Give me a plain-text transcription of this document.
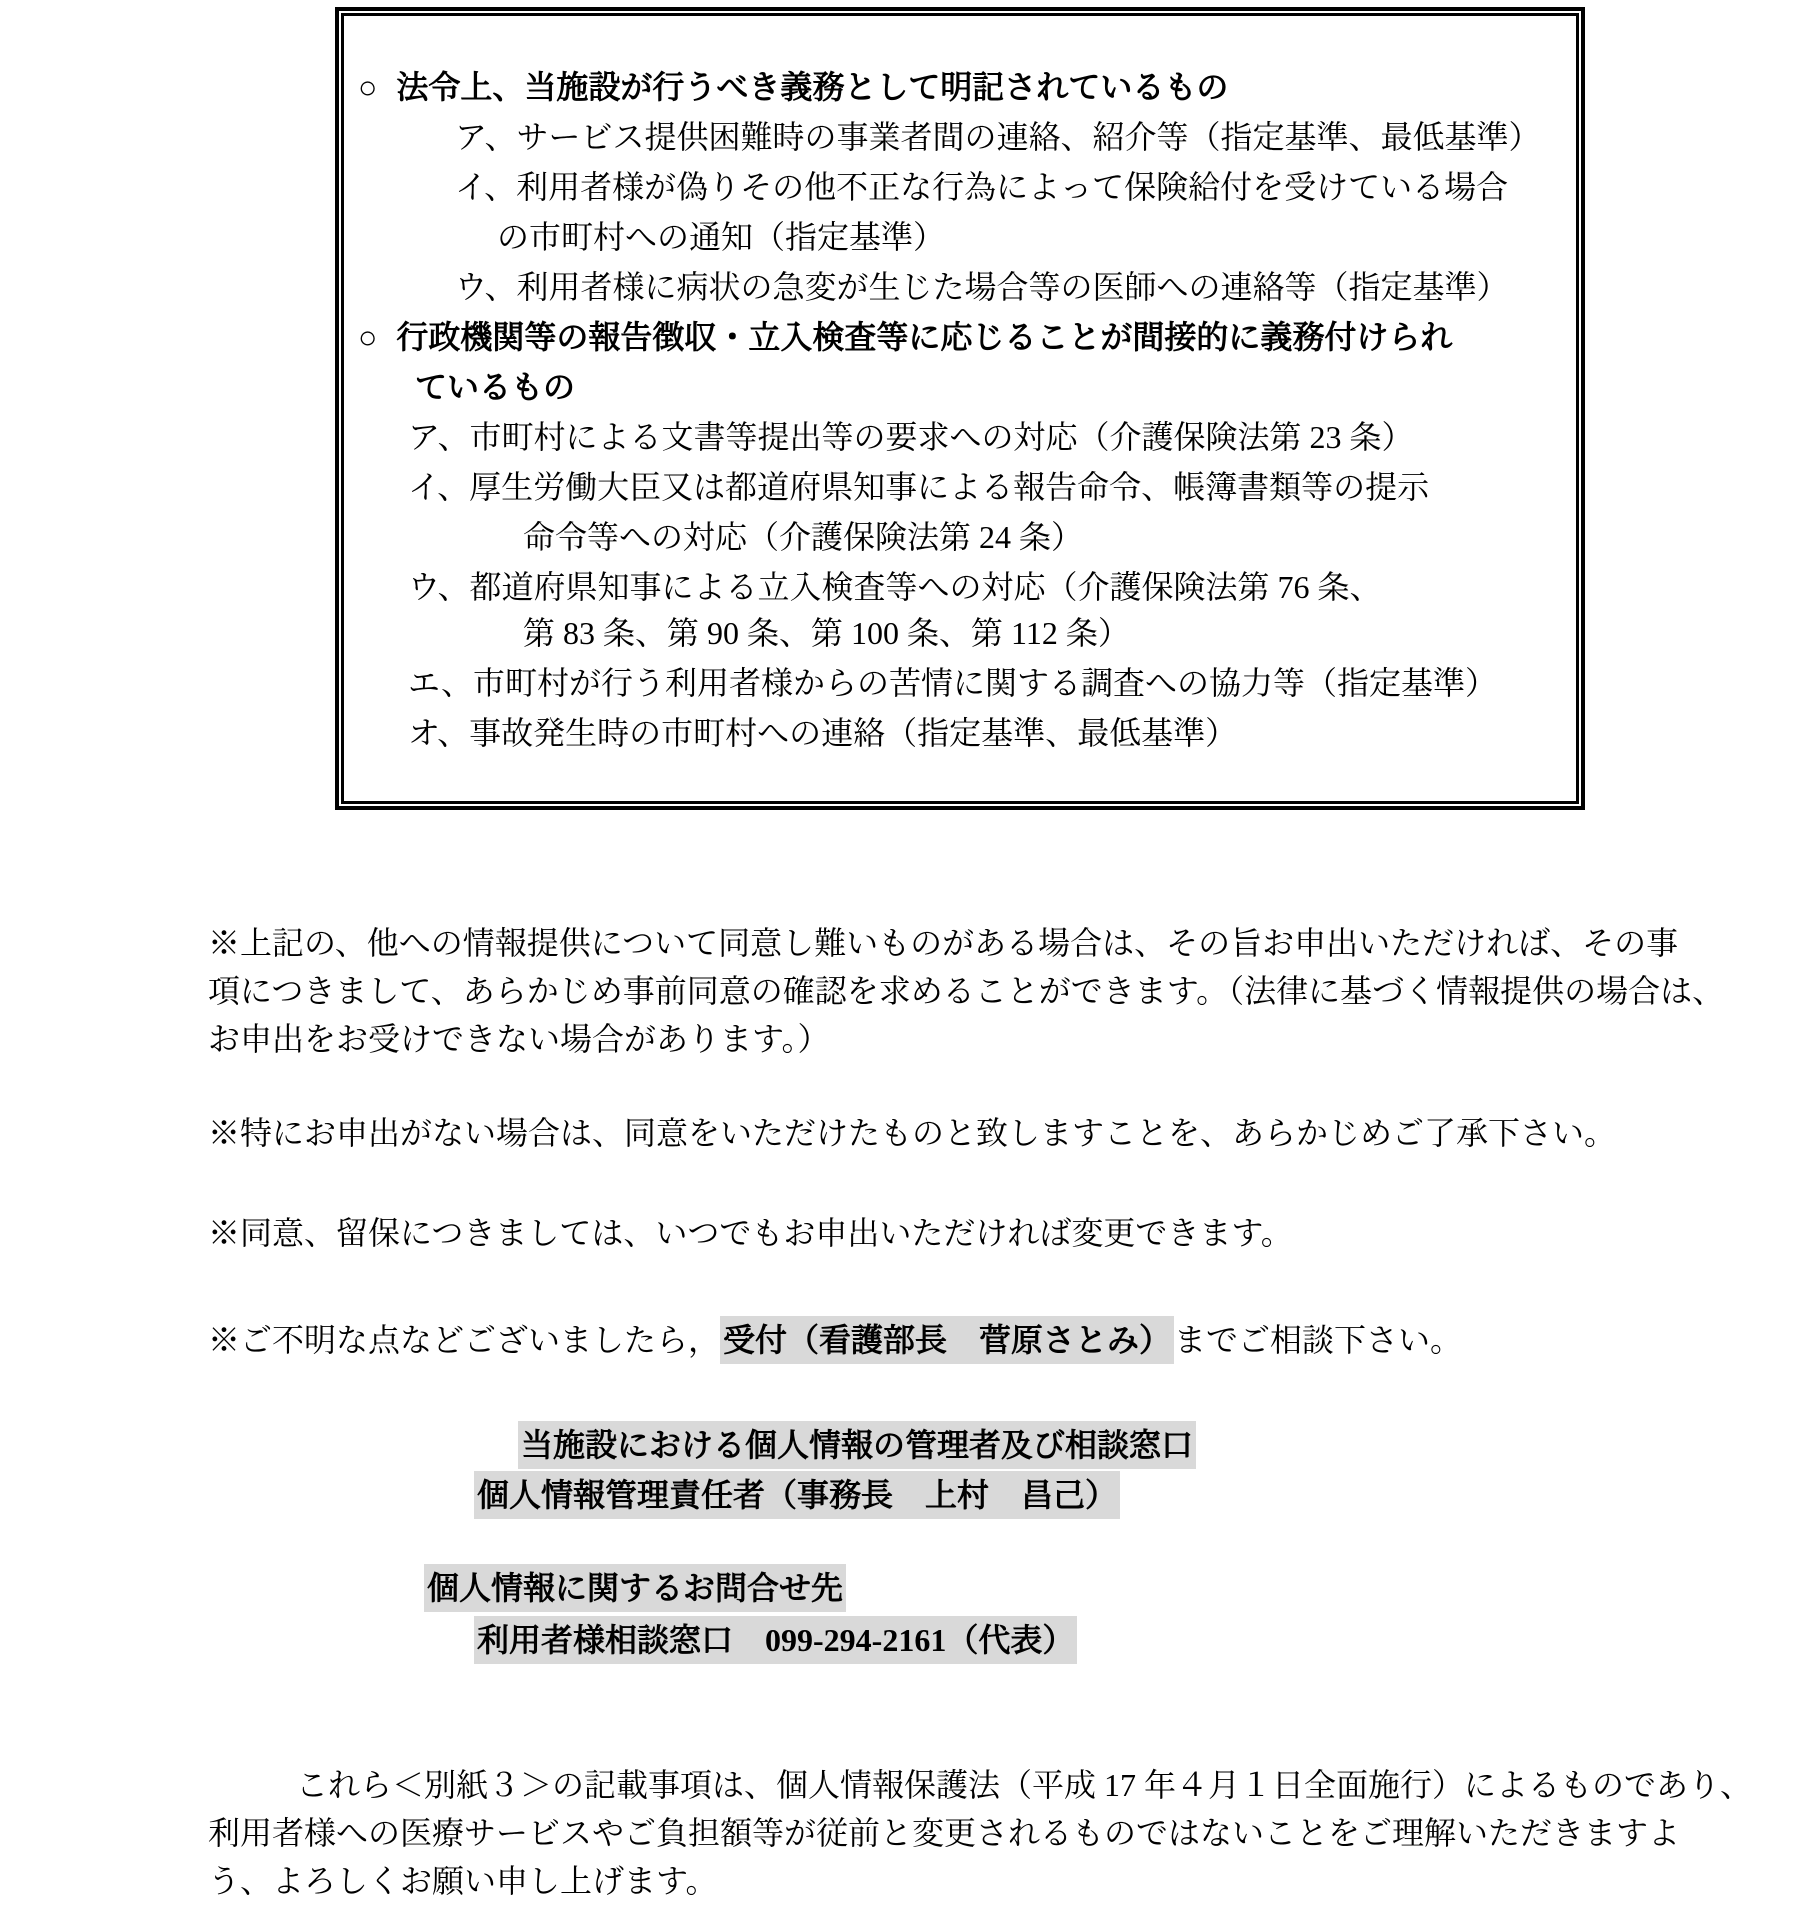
○ 法令上、当施設が行うべき義務として明記されているもの
ア、サービス提供困難時の事業者間の連絡、紹介等（指定基準、最低基準）
イ、利用者様が偽りその他不正な行為によって保険給付を受けている場合
の市町村への通知（指定基準）
ウ、利用者様に病状の急変が生じた場合等の医師への連絡等（指定基準）
○ 行政機関等の報告徴収・立入検査等に応じることが間接的に義務付けられ
ているもの
ア、市町村による文書等提出等の要求への対応（介護保険法第 23 条）
イ、厚生労働大臣又は都道府県知事による報告命令、帳簿書類等の提示
命令等への対応（介護保険法第 24 条）
ウ、都道府県知事による立入検査等への対応（介護保険法第 76 条、
第 83 条、第 90 条、第 100 条、第 112 条）
エ、市町村が行う利用者様からの苦情に関する調査への協力等（指定基準）
オ、事故発生時の市町村への連絡（指定基準、最低基準）
※上記の、他への情報提供について同意し難いものがある場合は、その旨お申出いただければ、その事
項につきまして、あらかじめ事前同意の確認を求めることができます。（法律に基づく情報提供の場合は、
お申出をお受けできない場合があります。）
※特にお申出がない場合は、同意をいただけたものと致しますことを、あらかじめご了承下さい。
※同意、留保につきましては、いつでもお申出いただければ変更できます。
※ご不明な点などございましたら，受付（看護部長　菅原さとみ）までご相談下さい。
当施設における個人情報の管理者及び相談窓口
個人情報管理責任者（事務長　上村　昌己）
個人情報に関するお問合せ先
利用者様相談窓口　099-294-2161（代表）
これら＜別紙３＞の記載事項は、個人情報保護法（平成 17 年４月１日全面施行）によるものであり、
利用者様への医療サービスやご負担額等が従前と変更されるものではないことをご理解いただきますよ
う、よろしくお願い申し上げます。
